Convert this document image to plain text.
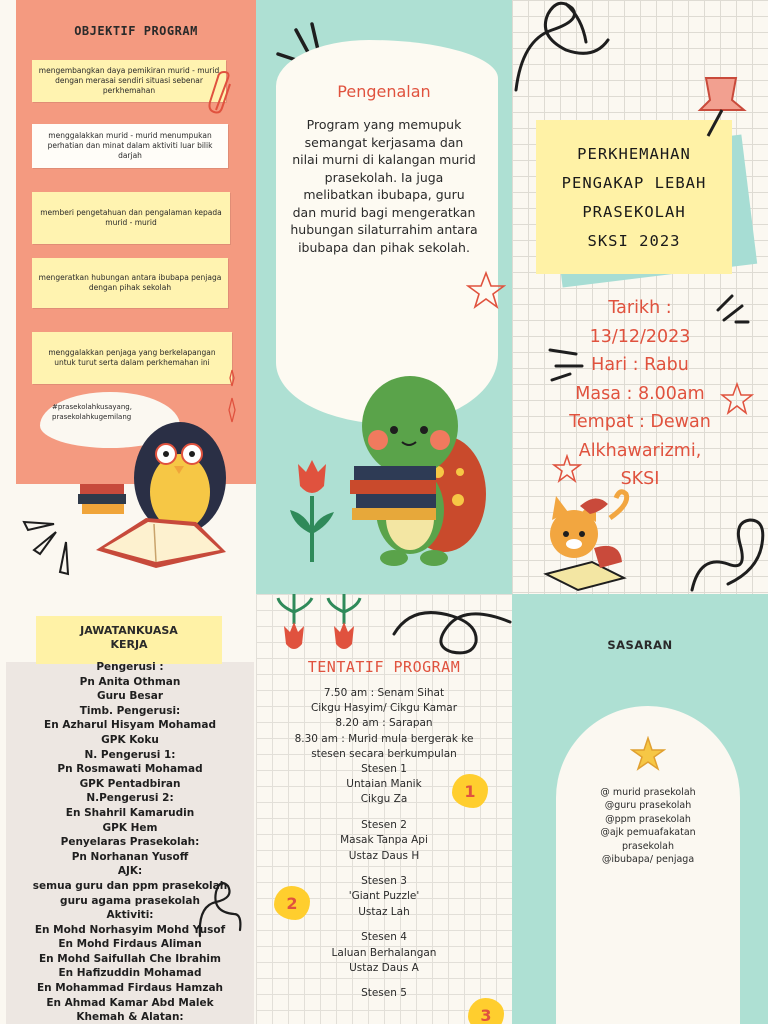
OBJEKTIF PROGRAM
mengembangkan daya pemikiran murid - murid dengan merasai sendiri situasi sebenar perkhemahan
menggalakkan murid - murid menumpukan perhatian dan minat dalam aktiviti luar bilik darjah
memberi pengetahuan dan pengalaman kepada murid - murid
mengeratkan hubungan antara ibubapa penjaga dengan pihak sekolah
menggalakkan penjaga yang berkelapangan untuk turut serta dalam perkhemahan ini
#prasekolahkusayang, prasekolahkugemilang
Pengenalan
Program yang memupuk semangat kerjasama dan nilai murni di kalangan murid prasekolah. Ia juga melibatkan ibubapa, guru dan murid bagi mengeratkan hubungan silaturrahim antara ibubapa dan pihak sekolah.
PERKHEMAHAN
PENGAKAP LEBAH
PRASEKOLAH
SKSI 2023
Tarikh :
13/12/2023
Hari : Rabu
Masa : 8.00am
Tempat : Dewan
Alkhawarizmi,
SKSI
JAWATANKUASA
KERJA
Pengerusi :
Pn Anita Othman
Guru Besar
Timb. Pengerusi:
En Azharul Hisyam Mohamad
GPK Koku
N. Pengerusi 1:
Pn Rosmawati Mohamad
GPK Pentadbiran
N.Pengerusi 2:
En Shahril Kamarudin
GPK Hem
Penyelaras Prasekolah:
Pn Norhanan Yusoff
AJK:
semua guru dan ppm prasekolah
guru agama prasekolah
Aktiviti:
En Mohd Norhasyim Mohd Yusof
En Mohd Firdaus Aliman
En Mohd Saifullah Che Ibrahim
En Hafizuddin Mohamad
En Mohammad Firdaus Hamzah
En Ahmad Kamar Abd Malek
Khemah & Alatan:
TENTATIF PROGRAM
7.50 am : Senam Sihat
Cikgu Hasyim/ Cikgu Kamar
8.20 am : Sarapan
8.30 am : Murid mula bergerak ke
stesen secara berkumpulan
Stesen 1
Untaian Manik
Cikgu Za
Stesen 2
Masak Tanpa Api
Ustaz Daus H
Stesen 3
'Giant Puzzle'
Ustaz Lah
Stesen 4
Laluan Berhalangan
Ustaz Daus A
Stesen 5
1
2
3
SASARAN
@ murid prasekolah
@guru prasekolah
@ppm prasekolah
@ajk pemuafakatan
prasekolah
@ibubapa/ penjaga
